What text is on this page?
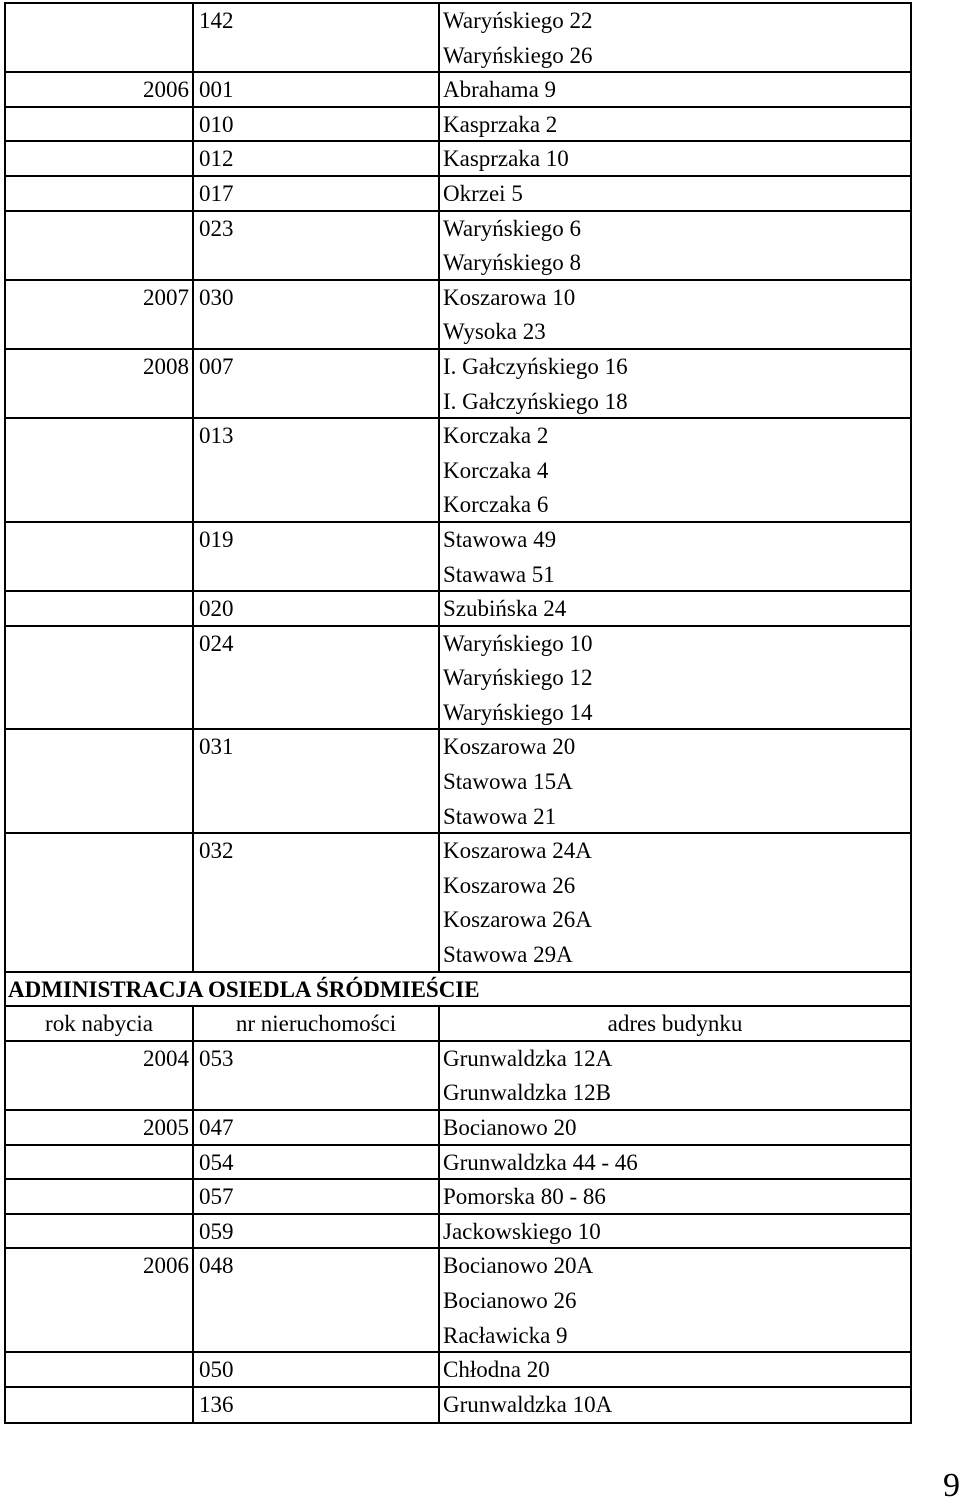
142	Waryńskiego 22
Waryńskiego 26
2006 001	Abrahama 9
010	Kasprzaka 2
012	Kasprzaka 10
017	Okrzei 5
023	Waryńskiego 6
Waryńskiego 8
2007 030	Koszarowa 10
Wysoka 23
2008 007	I. Gałczyńskiego 16
I. Gałczyńskiego 18
013	Korczaka 2
Korczaka 4
Korczaka 6
019	Stawowa 49
Stawawa 51
020	Szubińska 24
024	Waryńskiego 10
Waryńskiego 12
Waryńskiego 14
031	Koszarowa 20
Stawowa 15A
Stawowa 21
032	Koszarowa 24A
Koszarowa 26
Koszarowa 26A
Stawowa 29A
ADMINISTRACJA OSIEDLA ŚRÓDMIEŚCIE
rok nabycia	nr nieruchomości	adres budynku
2004 053	Grunwaldzka 12A
Grunwaldzka 12B
2005 047	Bocianowo 20
054	Grunwaldzka 44 - 46
057	Pomorska 80 - 86
059	Jackowskiego 10
2006 048	Bocianowo 20A
Bocianowo 26
Racławicka 9
050	Chłodna 20
136	Grunwaldzka 10A
9
